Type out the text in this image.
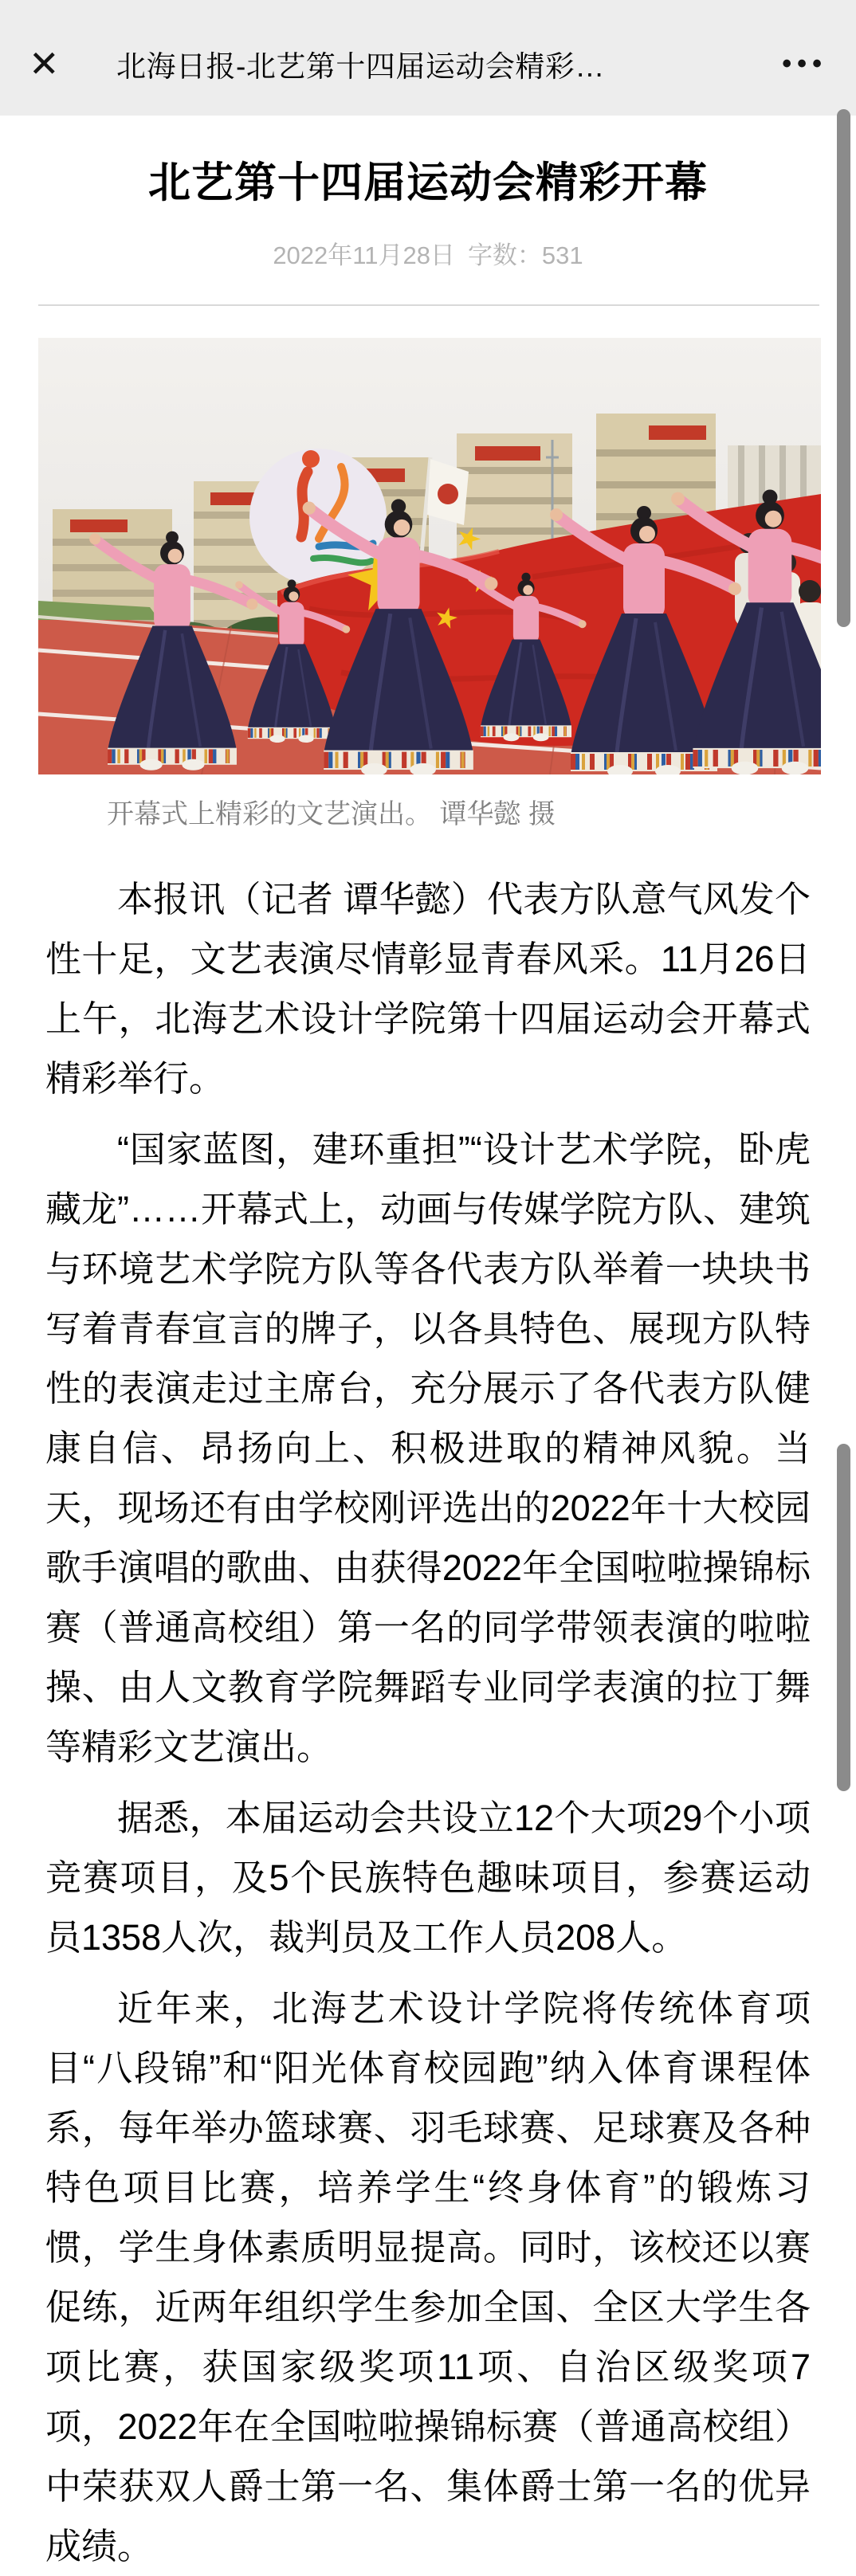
✕	北海日报-北艺第十四届运动会精彩…	•••
北艺第十四届运动会精彩开幕
2022年11月28日 字数：531
开幕式上精彩的文艺演出。 谭华懿 摄

本报讯（记者 谭华懿）代表方队意气风发个性十足，文艺表演尽情彰显青春风采。11月26日上午，北海艺术设计学院第十四届运动会开幕式精彩举行。

“国家蓝图，建环重担”“设计艺术学院，卧虎藏龙”……开幕式上，动画与传媒学院方队、建筑与环境艺术学院方队等各代表方队举着一块块书写着青春宣言的牌子，以各具特色、展现方队特性的表演走过主席台，充分展示了各代表方队健康自信、昂扬向上、积极进取的精神风貌。当天，现场还有由学校刚评选出的2022年十大校园歌手演唱的歌曲、由获得2022年全国啦啦操锦标赛（普通高校组）第一名的同学带领表演的啦啦操、由人文教育学院舞蹈专业同学表演的拉丁舞等精彩文艺演出。

据悉，本届运动会共设立12个大项29个小项竞赛项目，及5个民族特色趣味项目，参赛运动员1358人次，裁判员及工作人员208人。

近年来，北海艺术设计学院将传统体育项目“八段锦”和“阳光体育校园跑”纳入体育课程体系，每年举办篮球赛、羽毛球赛、足球赛及各种特色项目比赛，培养学生“终身体育”的锻炼习惯，学生身体素质明显提高。同时，该校还以赛促练，近两年组织学生参加全国、全区大学生各项比赛，获国家级奖项11项、自治区级奖项7项，2022年在全国啦啦操锦标赛（普通高校组）中荣获双人爵士第一名、集体爵士第一名的优异成绩。
